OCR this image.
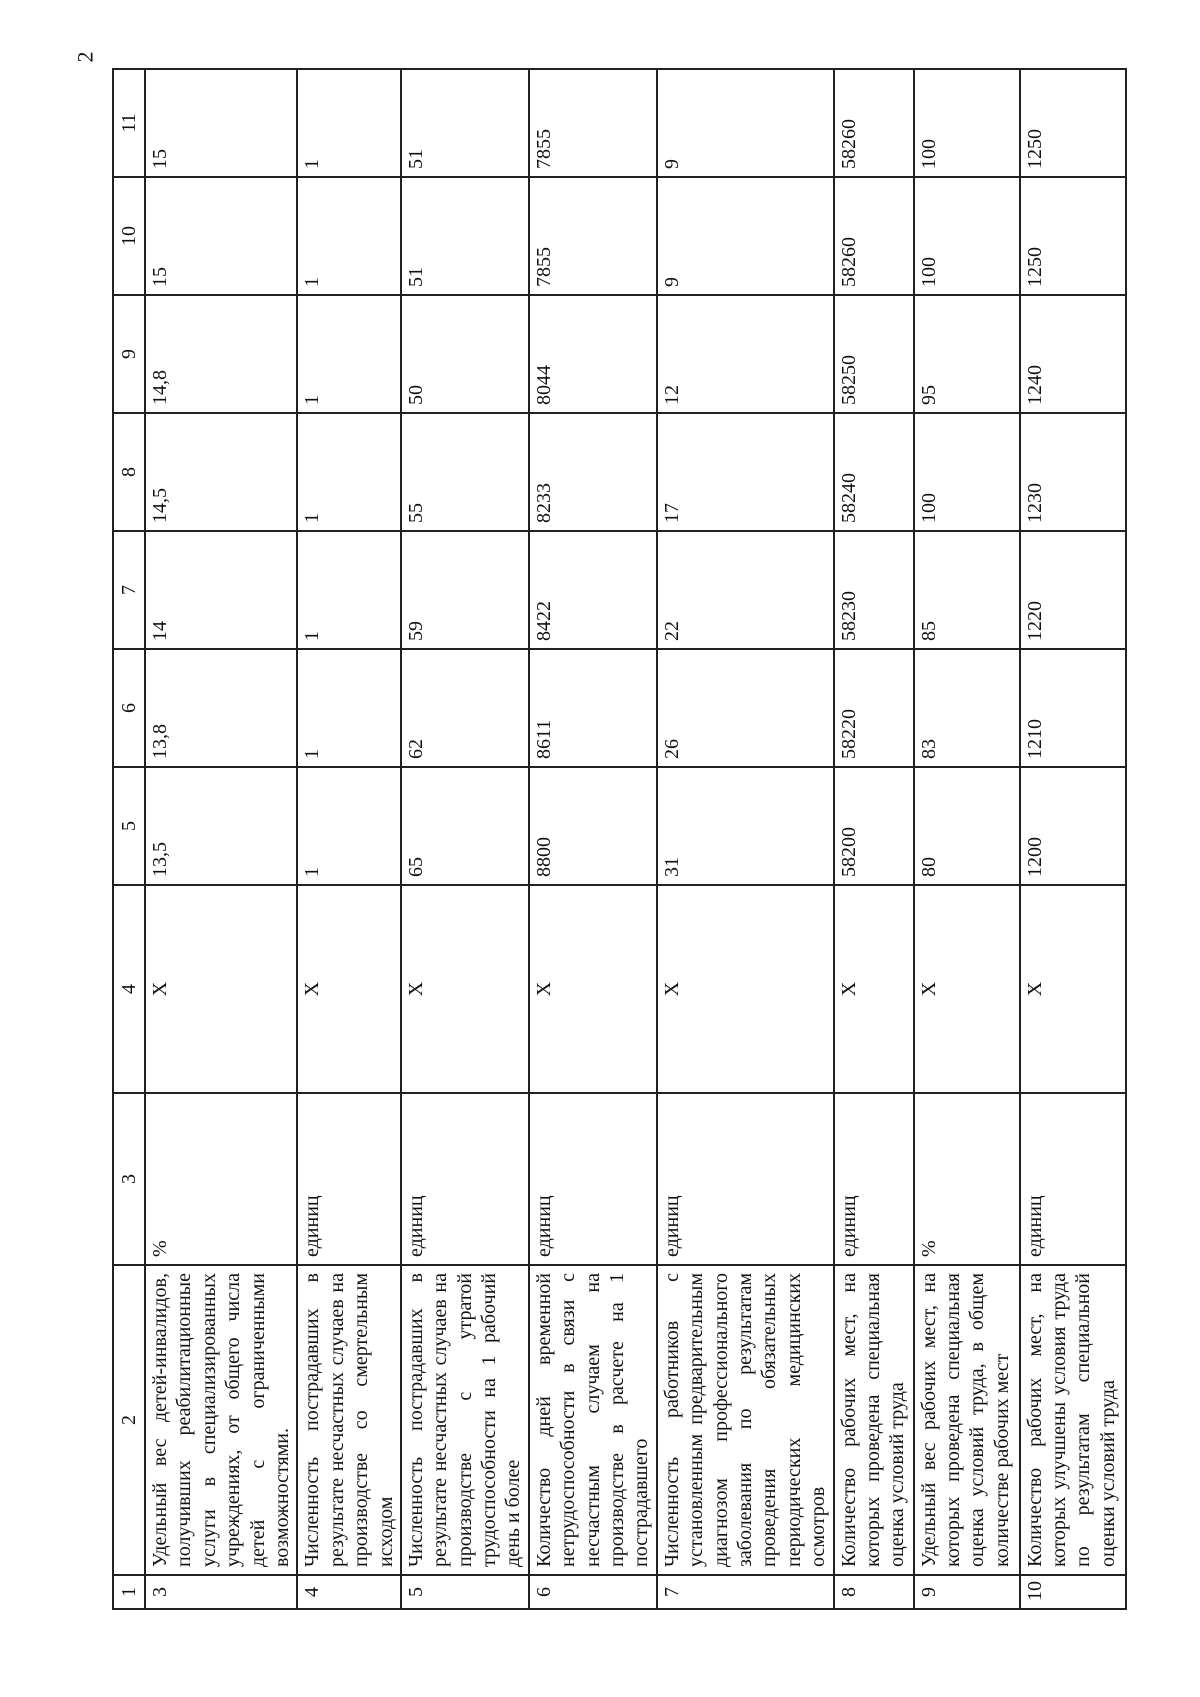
2
1	2	3	4	5	6	7	8	9	10	11
3	Удельный вес детей-инвалидов, получивших реабилитационные услуги в специализированных учреждениях, от общего числа детей с ограниченными возможностями.	%	Х	13,5	13,8	14	14,5	14,8	15	15
4	Численность пострадавших в результате несчастных случаев на производстве со смертельным исходом	единиц	Х	1	1	1	1	1	1	1
5	Численность пострадавших в результате несчастных случаев на производстве с утратой трудоспособности на 1 рабочий день и более	единиц	Х	65	62	59	55	50	51	51
6	Количество дней временной нетрудоспособности в связи с несчастным случаем на производстве в расчете на 1 пострадавшего	единиц	Х	8800	8611	8422	8233	8044	7855	7855
7	Численность работников с установленным предварительным диагнозом профессионального заболевания по результатам проведения обязательных периодических медицинских осмотров	единиц	Х	31	26	22	17	12	9	9
8	Количество рабочих мест, на которых проведена специальная оценка условий труда	единиц	Х	58200	58220	58230	58240	58250	58260	58260
9	Удельный вес рабочих мест, на которых проведена специальная оценка условий труда, в общем количестве рабочих мест	%	Х	80	83	85	100	95	100	100
10	Количество рабочих мест, на которых улучшены условия труда по результатам специальной оценки условий труда	единиц	Х	1200	1210	1220	1230	1240	1250	1250
